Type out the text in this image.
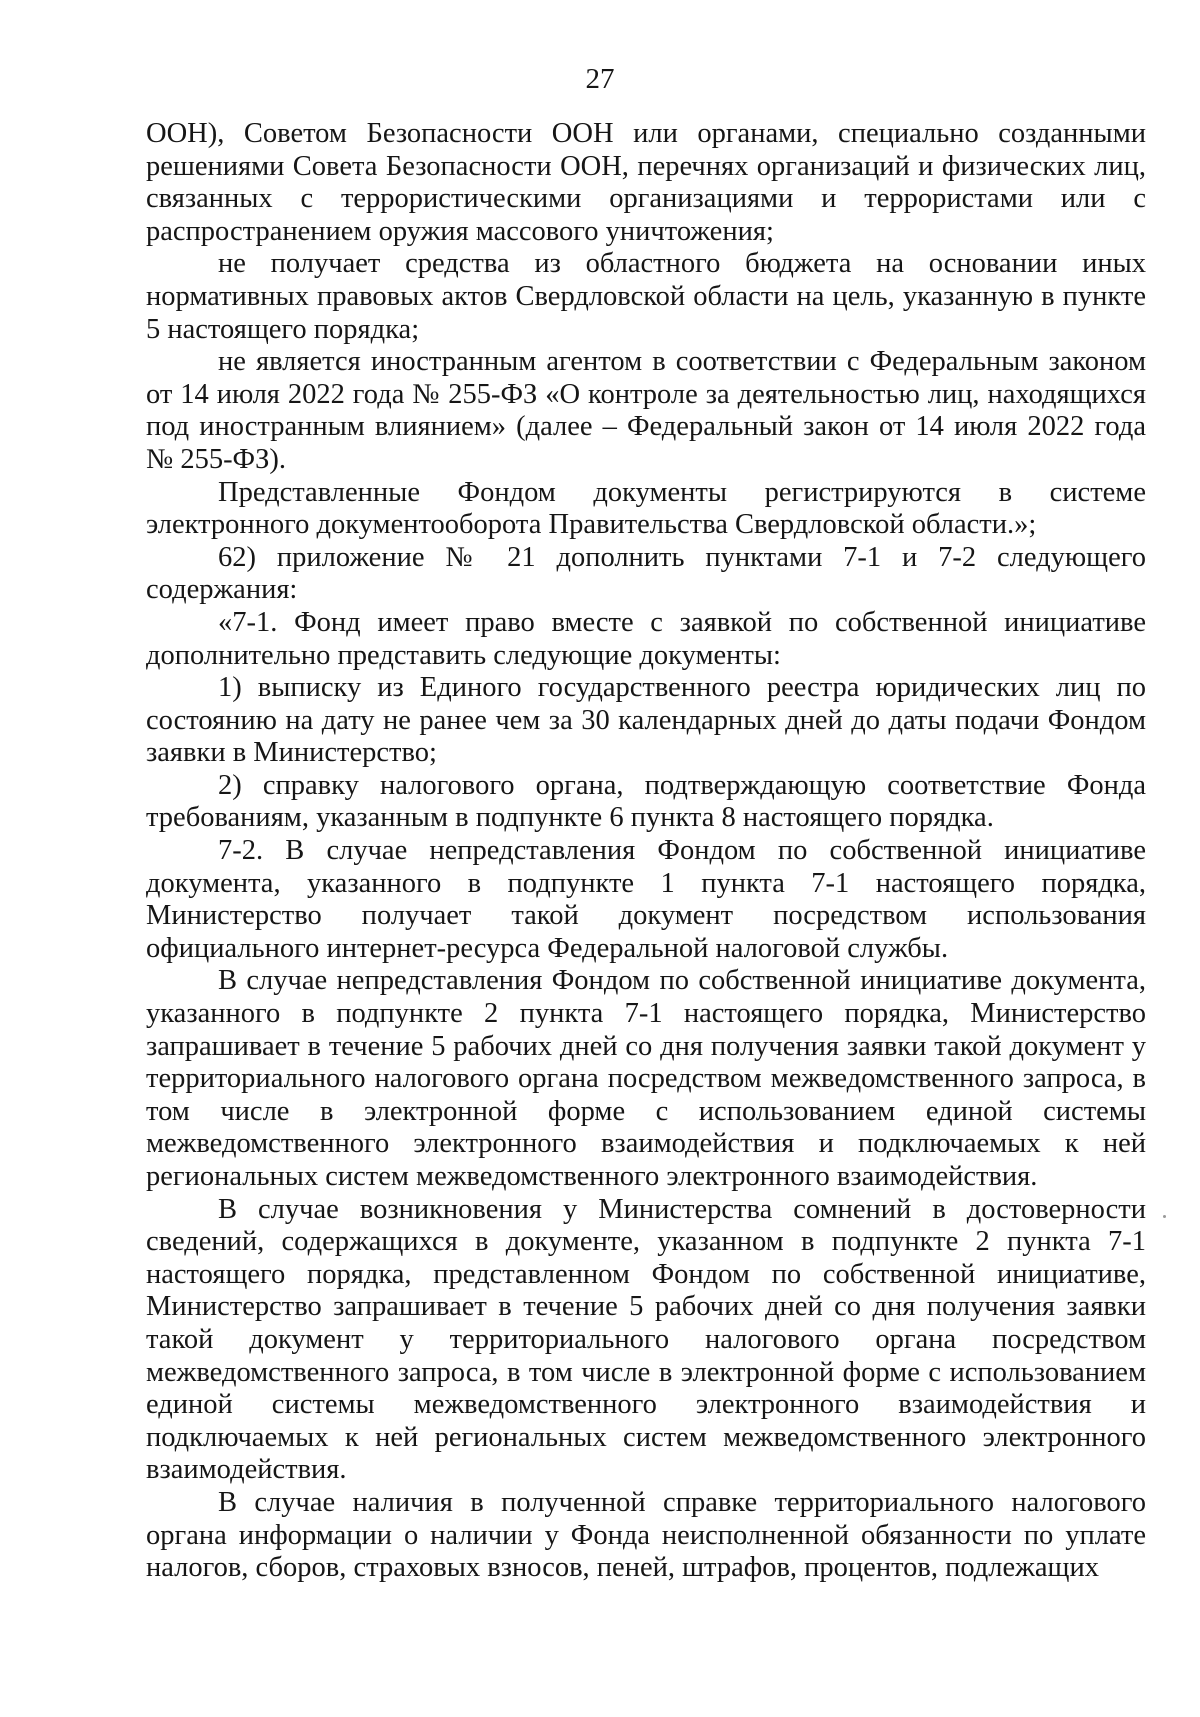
27

ООН), Советом Безопасности ООН или органами, специально созданными решениями Совета Безопасности ООН, перечнях организаций и физических лиц, связанных с террористическими организациями и террористами или с распространением оружия массового уничтожения;

не получает средства из областного бюджета на основании иных нормативных правовых актов Свердловской области на цель, указанную в пункте 5 настоящего порядка;

не является иностранным агентом в соответствии с Федеральным законом от 14 июля 2022 года № 255-ФЗ «О контроле за деятельностью лиц, находящихся под иностранным влиянием» (далее – Федеральный закон от 14 июля 2022 года № 255-ФЗ).

Представленные Фондом документы регистрируются в системе электронного документооборота Правительства Свердловской области.»;

62) приложение № 21 дополнить пунктами 7-1 и 7-2 следующего содержания:

«7-1. Фонд имеет право вместе с заявкой по собственной инициативе дополнительно представить следующие документы:

1) выписку из Единого государственного реестра юридических лиц по состоянию на дату не ранее чем за 30 календарных дней до даты подачи Фондом заявки в Министерство;

2) справку налогового органа, подтверждающую соответствие Фонда требованиям, указанным в подпункте 6 пункта 8 настоящего порядка.

7-2. В случае непредставления Фондом по собственной инициативе документа, указанного в подпункте 1 пункта 7-1 настоящего порядка, Министерство получает такой документ посредством использования официального интернет-ресурса Федеральной налоговой службы.

В случае непредставления Фондом по собственной инициативе документа, указанного в подпункте 2 пункта 7-1 настоящего порядка, Министерство запрашивает в течение 5 рабочих дней со дня получения заявки такой документ у территориального налогового органа посредством межведомственного запроса, в том числе в электронной форме с использованием единой системы межведомственного электронного взаимодействия и подключаемых к ней региональных систем межведомственного электронного взаимодействия.

В случае возникновения у Министерства сомнений в достоверности сведений, содержащихся в документе, указанном в подпункте 2 пункта 7-1 настоящего порядка, представленном Фондом по собственной инициативе, Министерство запрашивает в течение 5 рабочих дней со дня получения заявки такой документ у территориального налогового органа посредством межведомственного запроса, в том числе в электронной форме с использованием единой системы межведомственного электронного взаимодействия и подключаемых к ней региональных систем межведомственного электронного взаимодействия.

В случае наличия в полученной справке территориального налогового органа информации о наличии у Фонда неисполненной обязанности по уплате налогов, сборов, страховых взносов, пеней, штрафов, процентов, подлежащих
